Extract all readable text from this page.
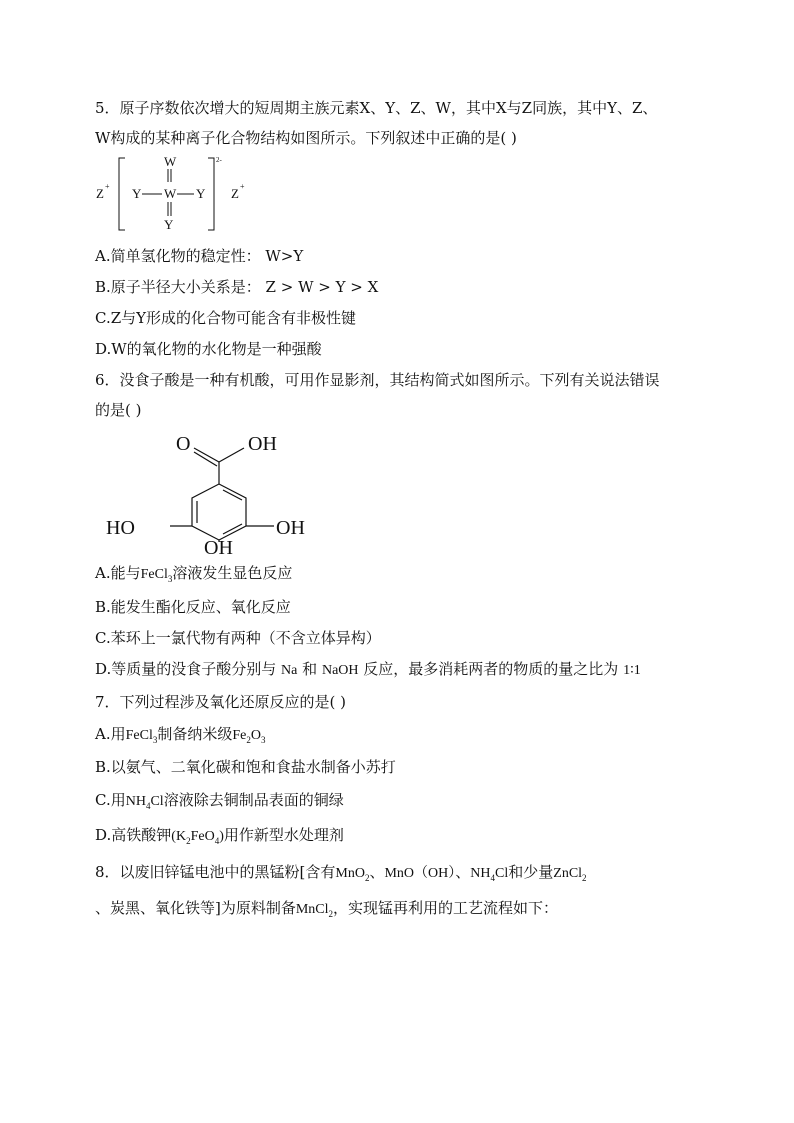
5．原子序数依次增大的短周期主族元素X、Y、Z、W，其中X与Z同族，其中Y、Z、
W构成的某种离子化合物结构如图所示。下列叙述中正确的是( )
Z +
W
Y W Y
Y
2-
Z +
A.简单氢化物的稳定性： W>Y
B.原子半径大小关系是： Z > W > Y > X
C.Z与Y形成的化合物可能含有非极性键
D.W的氧化物的水化物是一种强酸
6．没食子酸是一种有机酸，可用作显影剂，其结构简式如图所示。下列有关说法错误
的是( )
O	OH
HO	OH
OH
A.能与FeCl$_3$溶液发生显色反应
B.能发生酯化反应、氧化反应
C.苯环上一氯代物有两种（不含立体异构）
D.等质量的没食子酸分别与 Na 和 NaOH 反应，最多消耗两者的物质的量之比为 1∶1
7．下列过程涉及氧化还原反应的是( )
A.用FeCl$_3$制备纳米级$Fe_2O_3$
B.以氨气、二氧化碳和饱和食盐水制备小苏打
C.用$NH_4Cl$溶液除去铜制品表面的铜绿
D.高铁酸钾$(K_2FeO_4)$用作新型水处理剂
8．以废旧锌锰电池中的黑锰粉[含有MnO$_2$、MnO（OH）、$NH_4Cl$和少量ZnCl$_2$
、炭黑、氧化铁等]为原料制备MnCl$_2$，实现锰再利用的工艺流程如下：
